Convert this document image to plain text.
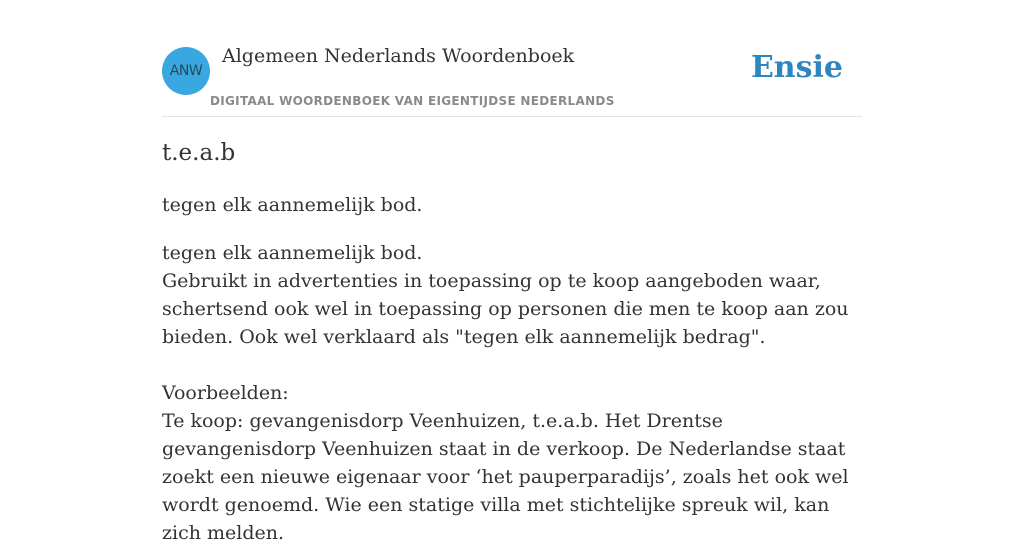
ANW
Algemeen Nederlands Woordenboek
DIGITAAL WOORDENBOEK VAN EIGENTIJDSE NEDERLANDS
Ensie
t.e.a.b
tegen elk aannemelijk bod.

tegen elk aannemelijk bod.

Gebruikt in advertenties in toepassing op te koop aangeboden waar, schertsend ook wel in toepassing op personen die men te koop aan zou bieden. Ook wel verklaard als "tegen elk aannemelijk bedrag".

Voorbeelden:

Te koop: gevangenisdorp Veenhuizen, t.e.a.b. Het Drentse gevangenisdorp Veenhuizen staat in de verkoop. De Nederlandse staat zoekt een nieuwe eigenaar voor ‘het pauperparadijs’, zoals het ook wel wordt genoemd. Wie een statige villa met stichtelijke spreuk wil, kan zich melden.
